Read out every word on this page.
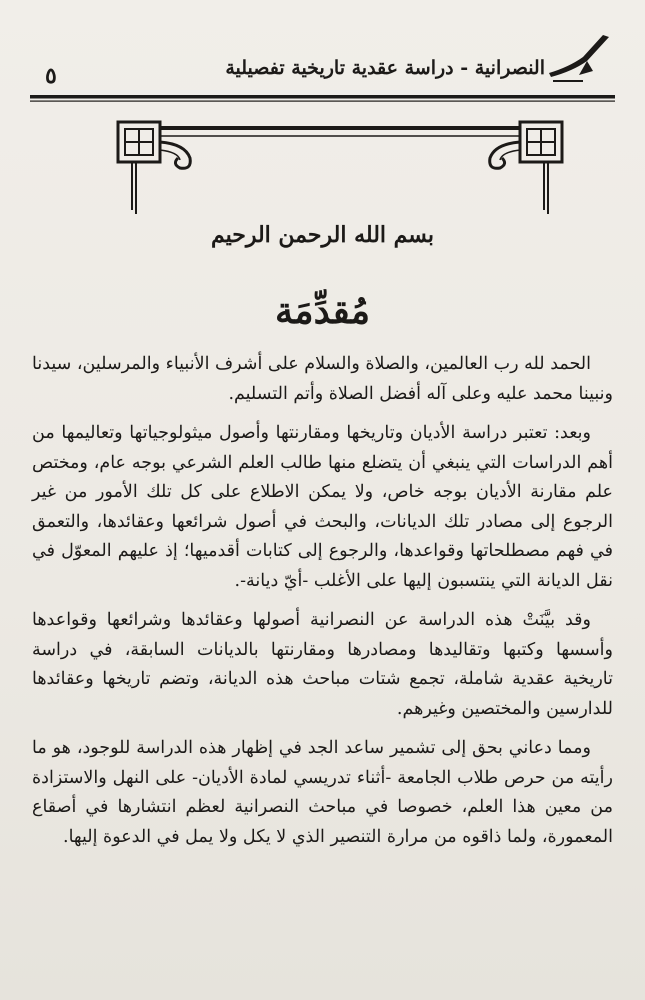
٥	النصرانية - دراسة عقدية تاريخية تفصيلية
بسم الله الرحمن الرحيم
مُقدِّمَة

الحمد لله رب العالمين، والصلاة والسلام على أشرف الأنبياء والمرسلين، سيدنا ونبينا محمد عليه وعلى آله أفضل الصلاة وأتم التسليم.

وبعد: تعتبر دراسة الأديان وتاريخها ومقارنتها وأصول ميثولوجياتها وتعاليمها من أهم الدراسات التي ينبغي أن يتضلع منها طالب العلم الشرعي بوجه عام، ومختص علم مقارنة الأديان بوجه خاص، ولا يمكن الاطلاع على كل تلك الأمور من غير الرجوع إلى مصادر تلك الديانات، والبحث في أصول شرائعها وعقائدها، والتعمق في فهم مصطلحاتها وقواعدها، والرجوع إلى كتابات أقدميها؛ إذ عليهم المعوّل في نقل الديانة التي ينتسبون إليها على الأغلب -أيّ ديانة-.

وقد بيَّنَتْ هذه الدراسة عن النصرانية أصولها وعقائدها وشرائعها وقواعدها وأسسها وكتبها وتقاليدها ومصادرها ومقارنتها بالديانات السابقة، في دراسة تاريخية عقدية شاملة، تجمع شتات مباحث هذه الديانة، وتضم تاريخها وعقائدها للدارسين والمختصين وغيرهم.

ومما دعاني بحق إلى تشمير ساعد الجد في إظهار هذه الدراسة للوجود، هو ما رأيته من حرص طلاب الجامعة -أثناء تدريسي لمادة الأديان- على النهل والاستزادة من معين هذا العلم، خصوصا في مباحث النصرانية لعظم انتشارها في أصقاع المعمورة، ولما ذاقوه من مرارة التنصير الذي لا يكل ولا يمل في الدعوة إليها.
